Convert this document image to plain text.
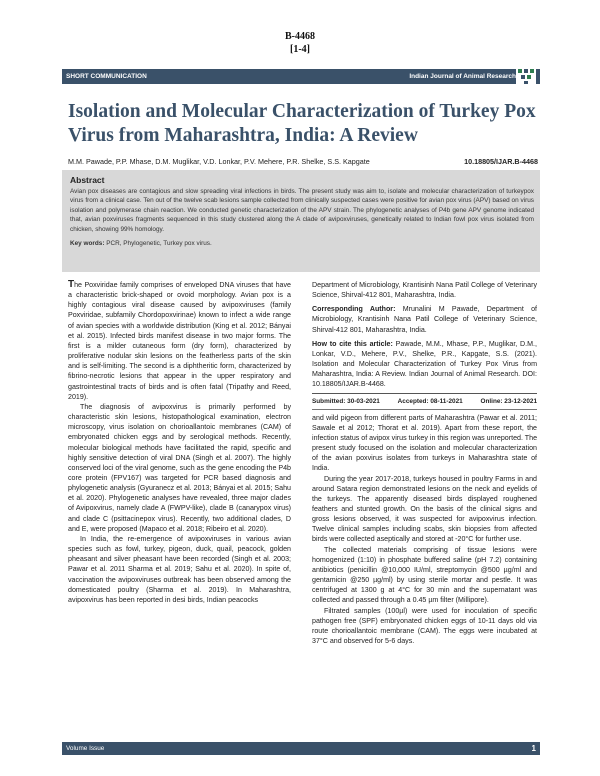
B-4468
[1-4]
SHORT COMMUNICATION	Indian Journal of Animal Research
Isolation and Molecular Characterization of Turkey Pox Virus from Maharashtra, India: A Review
M.M. Pawade, P.P. Mhase, D.M. Muglikar, V.D. Lonkar, P.V. Mehere, P.R. Shelke, S.S. Kapgate	10.18805/IJAR.B-4468
Abstract

Avian pox diseases are contagious and slow spreading viral infections in birds. The present study was aim to, isolate and molecular characterization of turkeypox virus from a clinical case. Ten out of the twelve scab lesions sample collected from clinically suspected cases were positive for avian pox virus (APV) based on virus isolation and polymerase chain reaction. We conducted genetic characterization of the APV strain. The phylogenetic analyses of P4b gene APV genome indicated that, avian poxviruses fragments sequenced in this study clustered along the A clade of avipoxviruses, genetically related to Indian fowl pox virus isolated from chicken, showing 99% homology.

Key words: PCR, Phylogenetic, Turkey pox virus.

The Poxviridae family comprises of enveloped DNA viruses that have a characteristic brick-shaped or ovoid morphology. Avian pox is a highly contagious viral disease caused by avipoxviruses (family Poxviridae, subfamily Chordopoxvirinae) known to infect a wide range of avian species with a worldwide distribution (King et al. 2012; Bányai et al. 2015). Infected birds manifest disease in two major forms. The first is a milder cutaneous form (dry form), characterized by proliferative nodular skin lesions on the featherless parts of the skin and is self-limiting. The second is a diphtheritic form, characterized by fibrino-necrotic lesions that appear in the upper respiratory and gastrointestinal tracts of birds and is often fatal (Tripathy and Reed, 2019).

The diagnosis of avipoxvirus is primarily performed by characteristic skin lesions, histopathological examination, electron microscopy, virus isolation on chorioallantoic membranes (CAM) of embryonated chicken eggs and by serological methods. Recently, molecular biological methods have facilitated the rapid, specific and highly sensitive detection of viral DNA (Singh et al. 2007). The highly conserved loci of the viral genome, such as the gene encoding the P4b core protein (FPV167) was targeted for PCR based diagnosis and phylogenetic analysis (Gyuranecz et al. 2013; Bányai et al. 2015; Sahu et al. 2020). Phylogenetic analyses have revealed, three major clades of Avipoxvirus, namely clade A (FWPV-like), clade B (canarypox virus) and clade C (psittacinepox virus). Recently, two additional clades, D and E, were proposed (Mapaco et al. 2018; Ribeiro et al. 2020).

In India, the re-emergence of avipoxviruses in various avian species such as fowl, turkey, pigeon, duck, quail, peacock, golden pheasant and silver pheasant have been recorded (Singh et al. 2003; Pawar et al. 2011 Sharma et al. 2019; Sahu et al. 2020). In spite of, vaccination the avipoxviruses outbreak has been observed among the domesticated poultry (Sharma et al. 2019). In Maharashtra, avipoxvirus has been reported in desi birds, Indian peacocks

Department of Microbiology, Krantisinh Nana Patil College of Veterinary Science, Shirval-412 801, Maharashtra, India.

Corresponding Author: Mrunalini M Pawade, Department of Microbiology, Krantisinh Nana Patil College of Veterinary Science, Shirval-412 801, Maharashtra, India.

How to cite this article: Pawade, M.M., Mhase, P.P., Muglikar, D.M., Lonkar, V.D., Mehere, P.V., Shelke, P.R., Kapgate, S.S. (2021). Isolation and Molecular Characterization of Turkey Pox Virus from Maharashtra, India: A Review. Indian Journal of Animal Research. DOI: 10.18805/IJAR.B-4468.

Submitted: 30-03-2021	Accepted: 08-11-2021	Online: 23-12-2021

and wild pigeon from different parts of Maharashtra (Pawar et al. 2011; Sawale et al 2012; Thorat et al. 2019). Apart from these report, the infection status of avipox virus turkey in this region was unreported. The present study focused on the isolation and molecular characterization of the avian poxvirus isolates from turkeys in Maharashtra state of India.

During the year 2017-2018, turkeys housed in poultry Farms in and around Satara region demonstrated lesions on the neck and eyelids of the turkeys. The apparently diseased birds displayed roughened feathers and stunted growth. On the basis of the clinical signs and gross lesions observed, it was suspected for avipoxvirus infection. Twelve clinical samples including scabs, skin biopsies from affected birds were collected aseptically and stored at -20°C for further use.

The collected materials comprising of tissue lesions were homogenized (1:10) in phosphate buffered saline (pH 7.2) containing antibiotics (penicillin @10,000 IU/ml, streptomycin @500 µg/ml and gentamicin @250 µg/ml) by using sterile mortar and pestle. It was centrifuged at 1300 g at 4°C for 30 min and the supernatant was collected and passed through a 0.45 µm filter (Millipore).

Filtrated samples (100µl) were used for inoculation of specific pathogen free (SPF) embryonated chicken eggs of 10-11 days old via route chorioallantoic membrane (CAM). The eggs were incubated at 37°C and observed for 5-6 days.

Volume Issue	1
